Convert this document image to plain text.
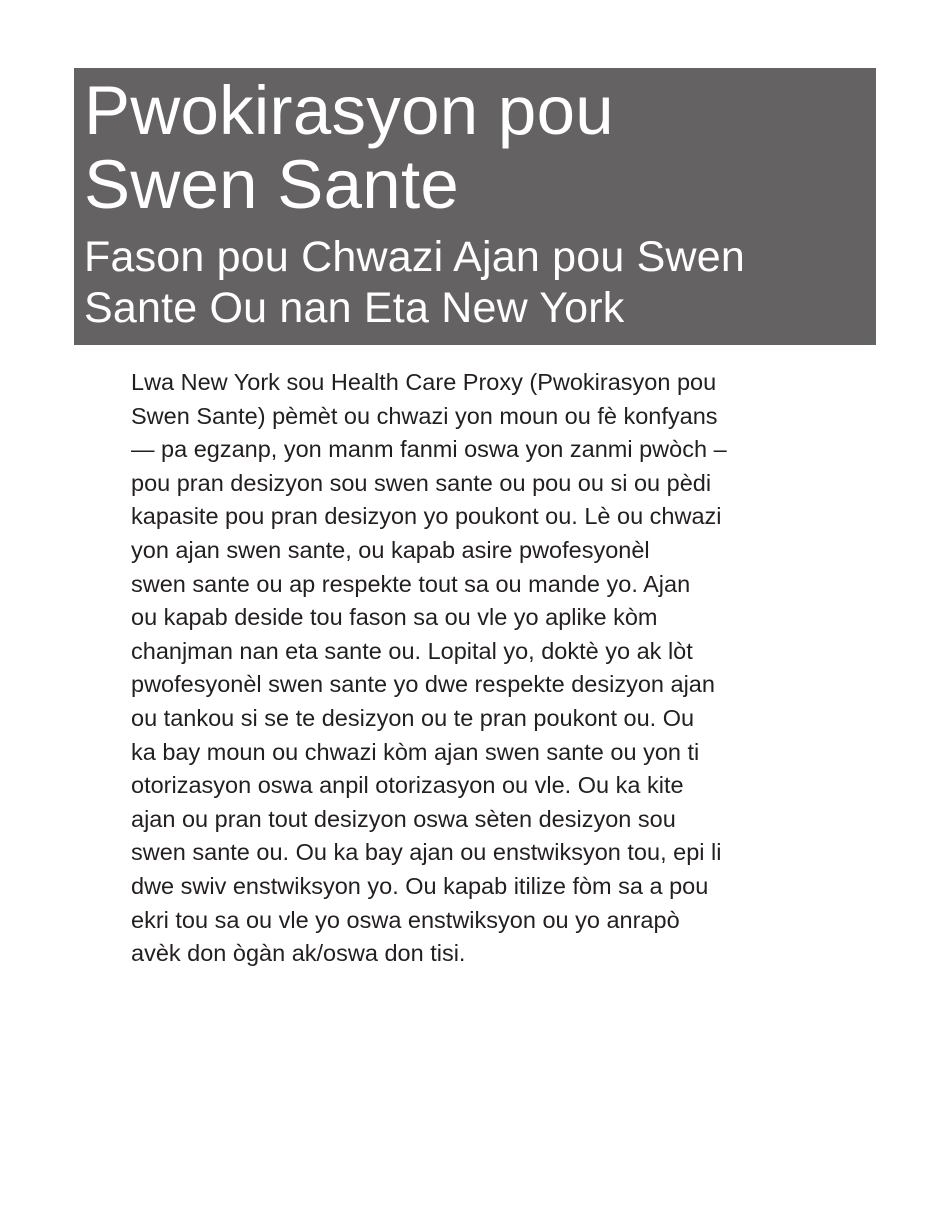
Pwokirasyon pou
Swen Sante
Fason pou Chwazi Ajan pou Swen
Sante Ou nan Eta New York

Lwa New York sou Health Care Proxy (Pwokirasyon pou
Swen Sante) pèmèt ou chwazi yon moun ou fè konfyans
— pa egzanp, yon manm fanmi oswa yon zanmi pwòch –
pou pran desizyon sou swen sante ou pou ou si ou pèdi
kapasite pou pran desizyon yo poukont ou. Lè ou chwazi
yon ajan swen sante, ou kapab asire pwofesyonèl
swen sante ou ap respekte tout sa ou mande yo. Ajan
ou kapab deside tou fason sa ou vle yo aplike kòm
chanjman nan eta sante ou. Lopital yo, doktè yo ak lòt
pwofesyonèl swen sante yo dwe respekte desizyon ajan
ou tankou si se te desizyon ou te pran poukont ou. Ou
ka bay moun ou chwazi kòm ajan swen sante ou yon ti
otorizasyon oswa anpil otorizasyon ou vle. Ou ka kite
ajan ou pran tout desizyon oswa sèten desizyon sou
swen sante ou. Ou ka bay ajan ou enstwiksyon tou, epi li
dwe swiv enstwiksyon yo. Ou kapab itilize fòm sa a pou
ekri tou sa ou vle yo oswa enstwiksyon ou yo anrapò
avèk don ògàn ak/oswa don tisi.
